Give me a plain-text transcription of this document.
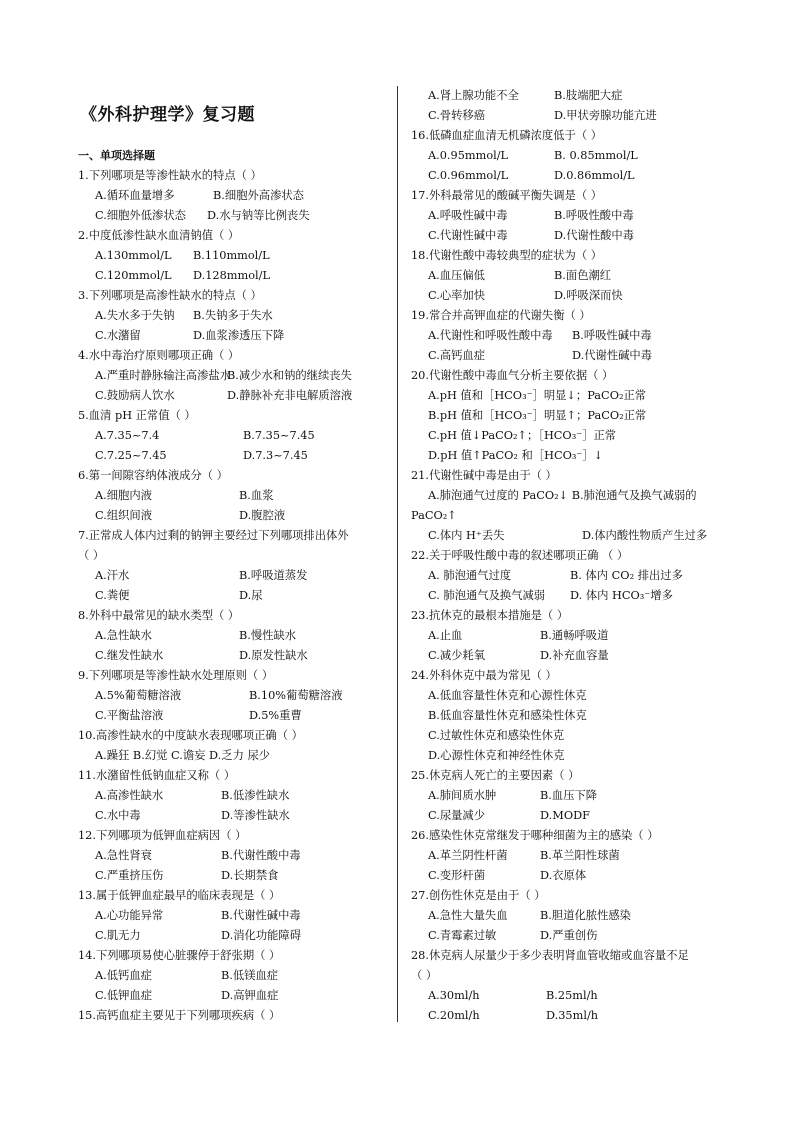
《外科护理学》复习题
一、单项选择题
1.下列哪项是等渗性缺水的特点（ ）
A.循环血量增多	B.细胞外高渗状态
C.细胞外低渗状态	D.水与钠等比例丧失
2.中度低渗性缺水血清钠值（ ）
A.130mmol/L	B.110mmol/L
C.120mmol/L	D.128mmol/L
3.下列哪项是高渗性缺水的特点（ ）
A.失水多于失钠	B.失钠多于失水
C.水潴留	D.血浆渗透压下降
4.水中毒治疗原则哪项正确（ ）
A.严重时静脉输注高渗盐水
B.减少水和钠的继续丧失
C.鼓励病人饮水	D.静脉补充非电解质溶液
5.血清 pH 正常值（ ）
A.7.35~7.4	B.7.35~7.45
C.7.25~7.45	D.7.3~7.45
6.第一间隙容纳体液成分（ ）
A.细胞内液	B.血浆
C.组织间液	D.腹腔液
7.正常成人体内过剩的钠钾主要经过下列哪项排出体外
（ ）
A.汗水	B.呼吸道蒸发
C.粪便	D.尿
8.外科中最常见的缺水类型（ ）
A.急性缺水	B.慢性缺水
C.继发性缺水	D.原发性缺水
9.下列哪项是等渗性缺水处理原则（ ）
A.5%葡萄糖溶液	B.10%葡萄糖溶液
C.平衡盐溶液	D.5%重曹
10.高渗性缺水的中度缺水表现哪项正确（ ）
A.躁狂 B.幻觉 C.谵妄 D.乏力 尿少
11.水潴留性低钠血症又称（ ）
A.高渗性缺水	B.低渗性缺水
C.水中毒	D.等渗性缺水
12.下列哪项为低钾血症病因（ ）
A.急性肾衰	B.代谢性酸中毒
C.严重挤压伤	D.长期禁食
13.属于低钾血症最早的临床表现是（ ）
A.心功能异常	B.代谢性碱中毒
C.肌无力	D.消化功能障碍
14.下列哪项易使心脏骤停于舒张期（ ）
A.低钙血症	B.低镁血症
C.低钾血症	D.高钾血症
15.高钙血症主要见于下列哪项疾病（ ）
A.肾上腺功能不全	B.肢端肥大症
C.骨转移癌	D.甲状旁腺功能亢进
16.低磷血症血清无机磷浓度低于（ ）
A.0.95mmol/L	B. 0.85mmol/L
C.0.96mmol/L	D.0.86mmol/L
17.外科最常见的酸碱平衡失调是（ ）
A.呼吸性碱中毒	B.呼吸性酸中毒
C.代谢性碱中毒	D.代谢性酸中毒
18.代谢性酸中毒较典型的症状为（ ）
A.血压偏低	B.面色潮红
C.心率加快	D.呼吸深而快
19.常合并高钾血症的代谢失衡（ ）
A.代谢性和呼吸性酸中毒	B.呼吸性碱中毒
C.高钙血症	D.代谢性碱中毒
20.代谢性酸中毒血气分析主要依据（ ）
A.pH 值和［HCO₃⁻］明显↓；PaCO₂正常
B.pH 值和［HCO₃⁻］明显↑；PaCO₂正常
C.pH 值↓PaCO₂↑；［HCO₃⁻］正常
D.pH 值↑PaCO₂ 和［HCO₃⁻］↓
21.代谢性碱中毒是由于（ ）
A.肺泡通气过度的 PaCO₂↓ B.肺泡通气及换气减弱的
PaCO₂↑
C.体内 H⁺丢失	D.体内酸性物质产生过多
22.关于呼吸性酸中毒的叙述哪项正确 （ ）
A. 肺泡通气过度	B. 体内 CO₂ 排出过多
C. 肺泡通气及换气减弱	D. 体内 HCO₃⁻增多
23.抗休克的最根本措施是（ ）
A.止血	B.通畅呼吸道
C.减少耗氧	D.补充血容量
24.外科休克中最为常见（ ）
A.低血容量性休克和心源性休克
B.低血容量性休克和感染性休克
C.过敏性休克和感染性休克
D.心源性休克和神经性休克
25.休克病人死亡的主要因素（ ）
A.肺间质水肿	B.血压下降
C.尿量减少	D.MODF
26.感染性休克常继发于哪种细菌为主的感染（ ）
A.革兰阴性杆菌	B.革兰阳性球菌
C.变形杆菌	D.衣原体
27.创伤性休克是由于（ ）
A.急性大量失血	B.胆道化脓性感染
C.青霉素过敏	D.严重创伤
28.休克病人尿量少于多少表明肾血管收缩或血容量不足
（ ）
A.30ml/h	B.25ml/h
C.20ml/h	D.35ml/h
